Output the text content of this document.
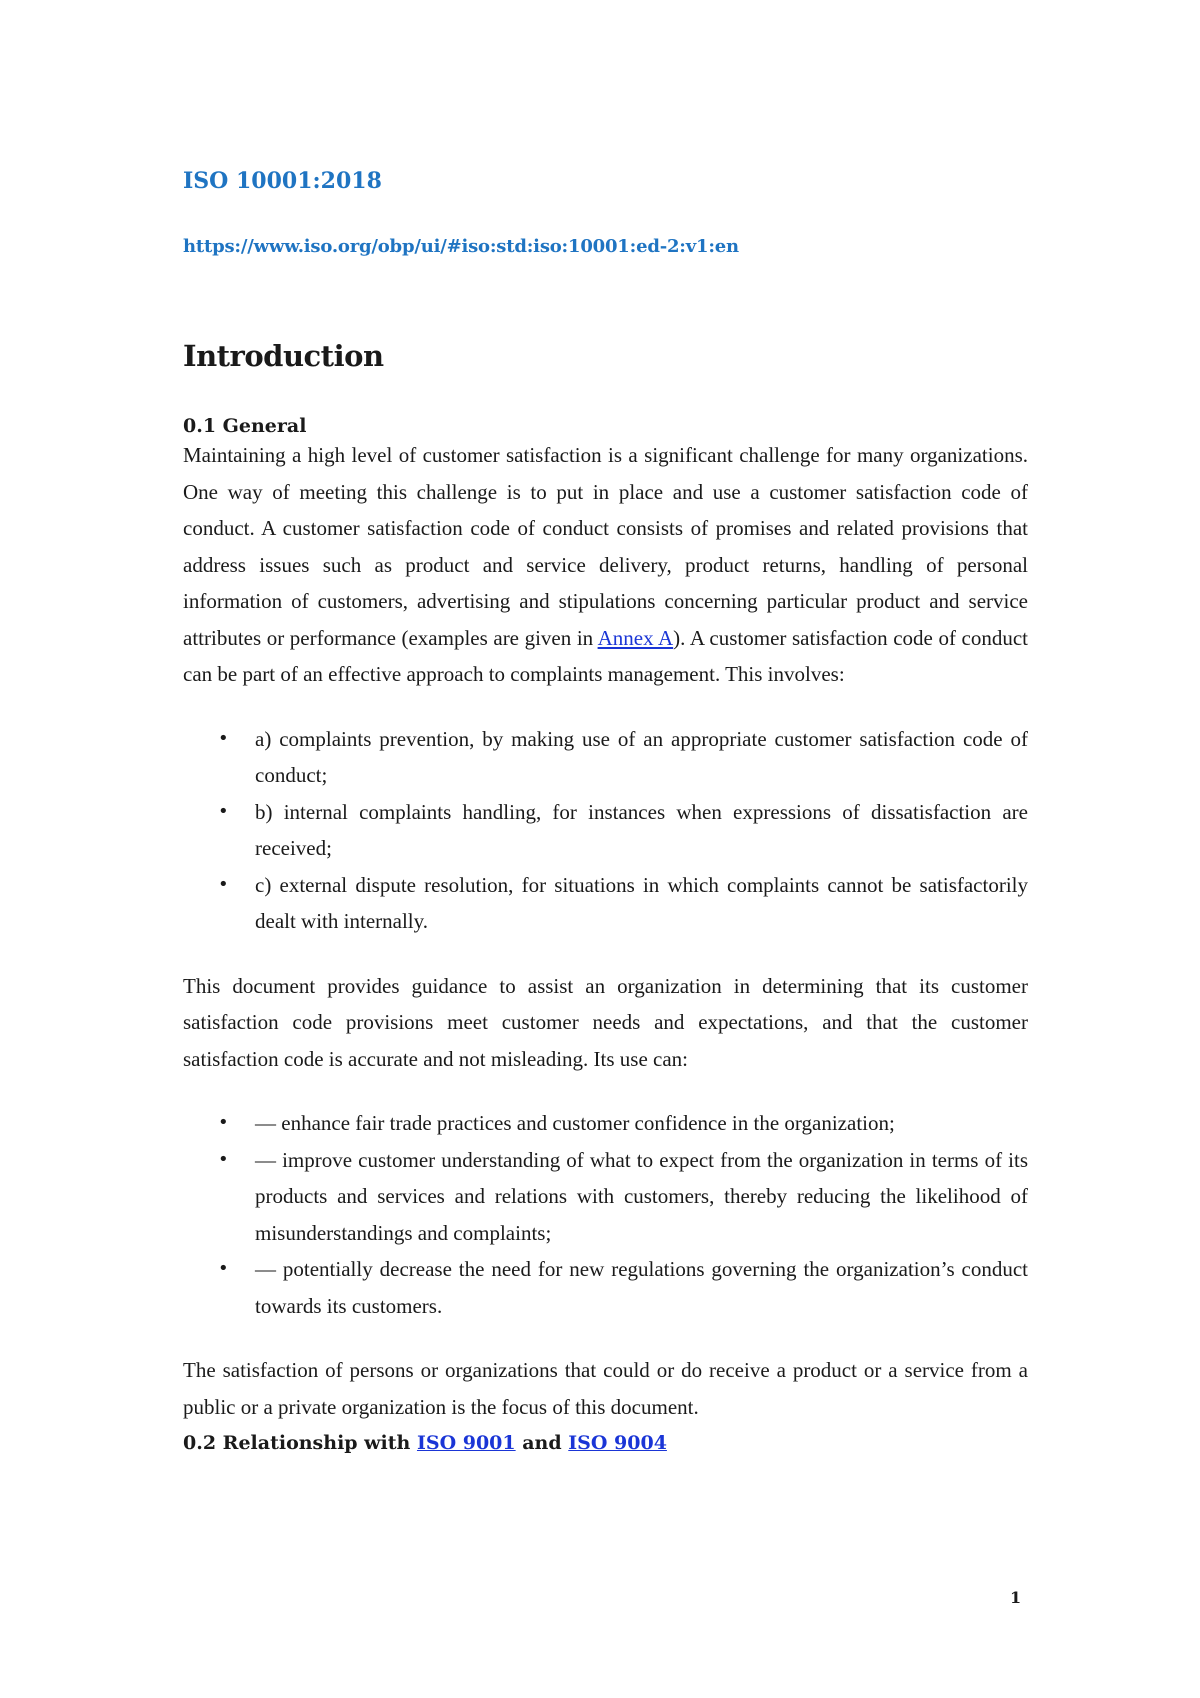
ISO 10001:2018
https://www.iso.org/obp/ui/#iso:std:iso:10001:ed-2:v1:en
Introduction
0.1 General

Maintaining a high level of customer satisfaction is a significant challenge for many organizations. One way of meeting this challenge is to put in place and use a customer satisfaction code of conduct. A customer satisfaction code of conduct consists of promises and related provisions that address issues such as product and service delivery, product returns, handling of personal information of customers, advertising and stipulations concerning particular product and service attributes or performance (examples are given in Annex A). A customer satisfaction code of conduct can be part of an effective approach to complaints management. This involves:

• a) complaints prevention, by making use of an appropriate customer satisfaction code of conduct;
• b) internal complaints handling, for instances when expressions of dissatisfaction are received;
• c) external dispute resolution, for situations in which complaints cannot be satisfactorily dealt with internally.

This document provides guidance to assist an organization in determining that its customer satisfaction code provisions meet customer needs and expectations, and that the customer satisfaction code is accurate and not misleading. Its use can:

• — enhance fair trade practices and customer confidence in the organization;
• — improve customer understanding of what to expect from the organization in terms of its products and services and relations with customers, thereby reducing the likelihood of misunderstandings and complaints;
• — potentially decrease the need for new regulations governing the organization’s conduct towards its customers.

The satisfaction of persons or organizations that could or do receive a product or a service from a public or a private organization is the focus of this document.

0.2 Relationship with ISO 9001 and ISO 9004
1
